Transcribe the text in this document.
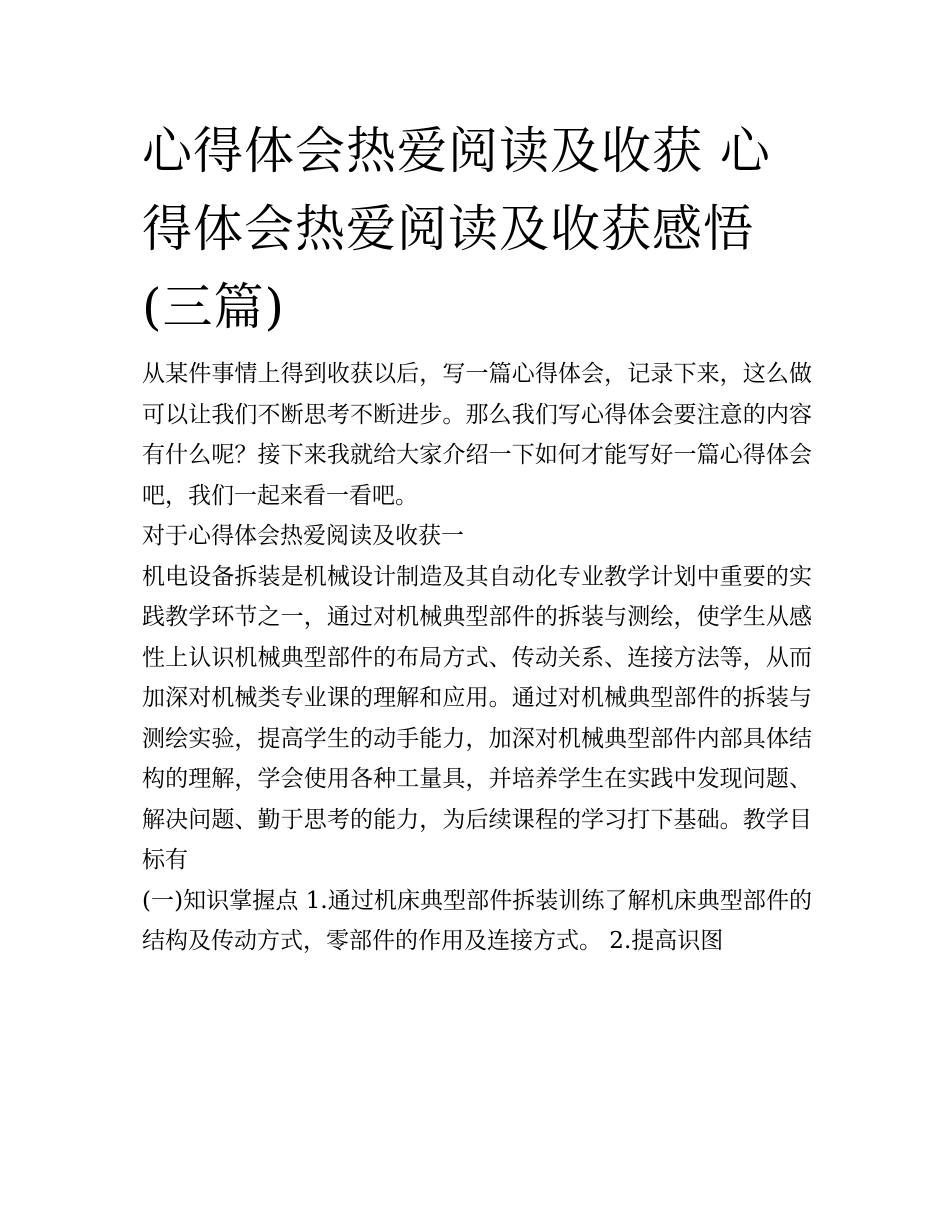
心得体会热爱阅读及收获 心得体会热爱阅读及收获感悟(三篇)

从某件事情上得到收获以后，写一篇心得体会，记录下来，这么做可以让我们不断思考不断进步。那么我们写心得体会要注意的内容有什么呢？接下来我就给大家介绍一下如何才能写好一篇心得体会吧，我们一起来看一看吧。

对于心得体会热爱阅读及收获一

机电设备拆装是机械设计制造及其自动化专业教学计划中重要的实践教学环节之一，通过对机械典型部件的拆装与测绘，使学生从感性上认识机械典型部件的布局方式、传动关系、连接方法等，从而加深对机械类专业课的理解和应用。通过对机械典型部件的拆装与测绘实验，提高学生的动手能力，加深对机械典型部件内部具体结构的理解，学会使用各种工量具，并培养学生在实践中发现问题、解决问题、勤于思考的能力，为后续课程的学习打下基础。教学目标有

(一)知识掌握点 1.通过机床典型部件拆装训练了解机床典型部件的结构及传动方式，零部件的作用及连接方式。 2.提高识图
